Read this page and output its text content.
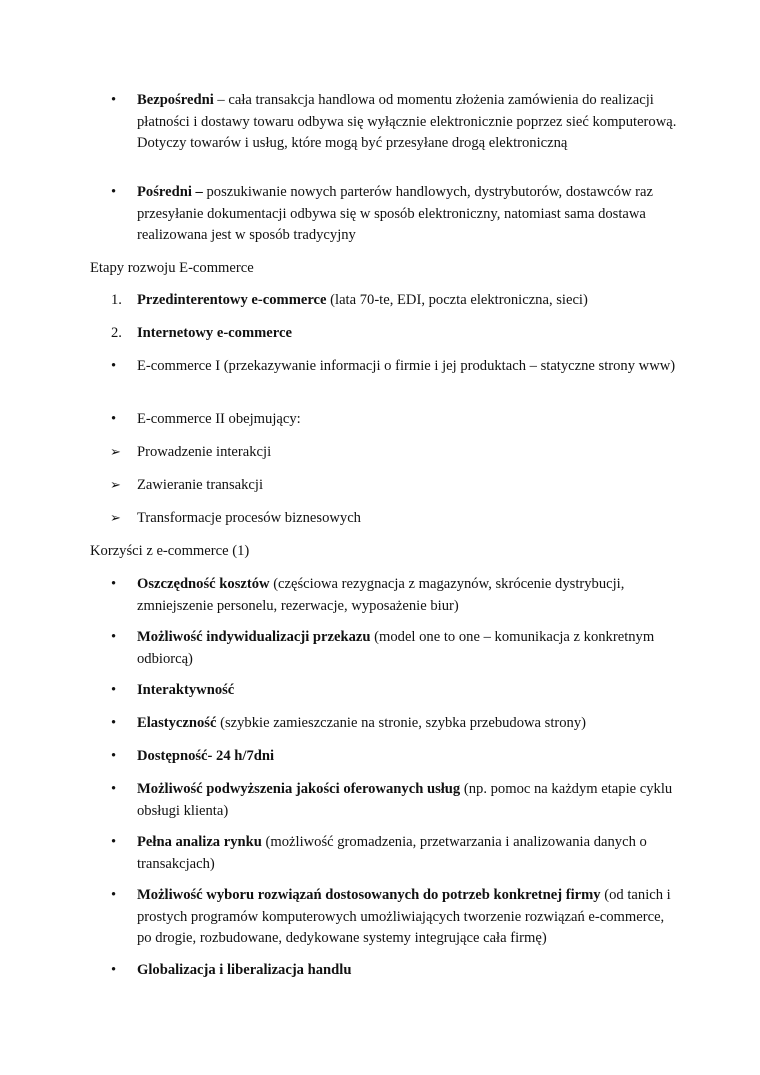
• Bezpośredni – cała transakcja handlowa od momentu złożenia zamówienia do realizacji płatności i dostawy towaru odbywa się wyłącznie elektronicznie poprzez sieć komputerową. Dotyczy towarów i usług, które mogą być przesyłane drogą elektroniczną
• Pośredni – poszukiwanie nowych parterów handlowych, dystrybutorów, dostawców raz przesyłanie dokumentacji odbywa się w sposób elektroniczny, natomiast sama dostawa realizowana jest w sposób tradycyjny
Etapy rozwoju E-commerce
1. Przedinterentowy e-commerce (lata 70-te, EDI, poczta elektroniczna, sieci)
2. Internetowy e-commerce
• E-commerce I (przekazywanie informacji o firmie i jej produktach – statyczne strony www)
• E-commerce II obejmujący:
➢ Prowadzenie interakcji
➢ Zawieranie transakcji
➢ Transformacje procesów biznesowych
Korzyści z e-commerce (1)
• Oszczędność kosztów (częściowa rezygnacja z magazynów, skrócenie dystrybucji, zmniejszenie personelu, rezerwacje, wyposażenie biur)
• Możliwość indywidualizacji przekazu (model one to one – komunikacja z konkretnym odbiorcą)
• Interaktywność
• Elastyczność (szybkie zamieszczanie na stronie, szybka przebudowa strony)
• Dostępność- 24 h/7dni
• Możliwość podwyższenia jakości oferowanych usług (np. pomoc na każdym etapie cyklu obsługi klienta)
• Pełna analiza rynku (możliwość gromadzenia, przetwarzania i analizowania danych o transakcjach)
• Możliwość wyboru rozwiązań dostosowanych do potrzeb konkretnej firmy (od tanich i prostych programów komputerowych umożliwiających tworzenie rozwiązań e-commerce, po drogie, rozbudowane, dedykowane systemy integrujące cała firmę)
• Globalizacja i liberalizacja handlu
